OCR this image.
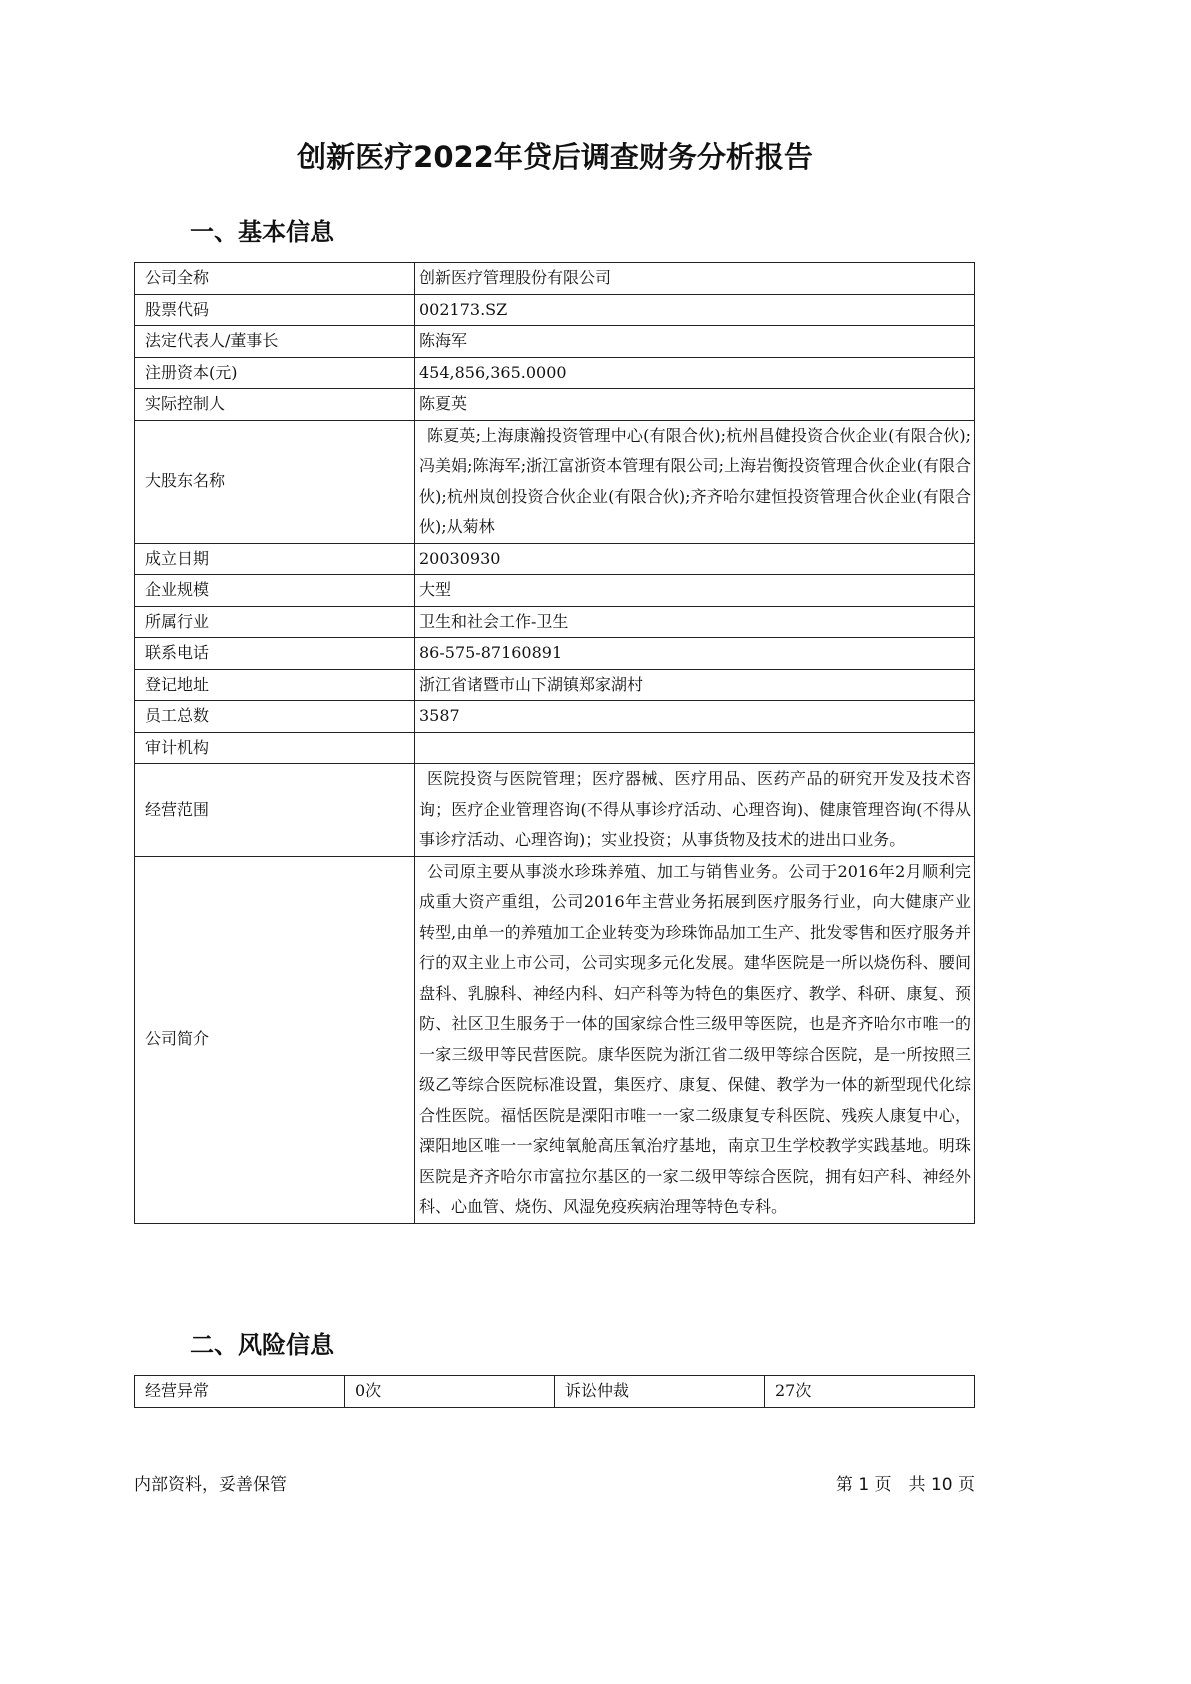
创新医疗2022年贷后调查财务分析报告
一、基本信息
公司全称	创新医疗管理股份有限公司
股票代码	002173.SZ
法定代表人/董事长	陈海军
注册资本(元)	454,856,365.0000
实际控制人	陈夏英
大股东名称	陈夏英;上海康瀚投资管理中心(有限合伙);杭州昌健投资合伙企业(有限合伙);冯美娟;陈海军;浙江富浙资本管理有限公司;上海岩衡投资管理合伙企业(有限合伙);杭州岚创投资合伙企业(有限合伙);齐齐哈尔建恒投资管理合伙企业(有限合伙);从菊林
成立日期	20030930
企业规模	大型
所属行业	卫生和社会工作-卫生
联系电话	86-575-87160891
登记地址	浙江省诸暨市山下湖镇郑家湖村
员工总数	3587
审计机构	
经营范围	医院投资与医院管理；医疗器械、医疗用品、医药产品的研究开发及技术咨询；医疗企业管理咨询(不得从事诊疗活动、心理咨询)、健康管理咨询(不得从事诊疗活动、心理咨询)；实业投资；从事货物及技术的进出口业务。
公司简介	公司原主要从事淡水珍珠养殖、加工与销售业务。公司于2016年2月顺利完成重大资产重组，公司2016年主营业务拓展到医疗服务行业，向大健康产业转型,由单一的养殖加工企业转变为珍珠饰品加工生产、批发零售和医疗服务并行的双主业上市公司，公司实现多元化发展。建华医院是一所以烧伤科、腰间盘科、乳腺科、神经内科、妇产科等为特色的集医疗、教学、科研、康复、预防、社区卫生服务于一体的国家综合性三级甲等医院，也是齐齐哈尔市唯一的一家三级甲等民营医院。康华医院为浙江省二级甲等综合医院，是一所按照三级乙等综合医院标准设置，集医疗、康复、保健、教学为一体的新型现代化综合性医院。福恬医院是溧阳市唯一一家二级康复专科医院、残疾人康复中心，溧阳地区唯一一家纯氧舱高压氧治疗基地，南京卫生学校教学实践基地。明珠医院是齐齐哈尔市富拉尔基区的一家二级甲等综合医院，拥有妇产科、神经外科、心血管、烧伤、风湿免疫疾病治理等特色专科。
二、风险信息
经营异常	0次	诉讼仲裁	27次
内部资料，妥善保管	第 1 页　共 10 页
